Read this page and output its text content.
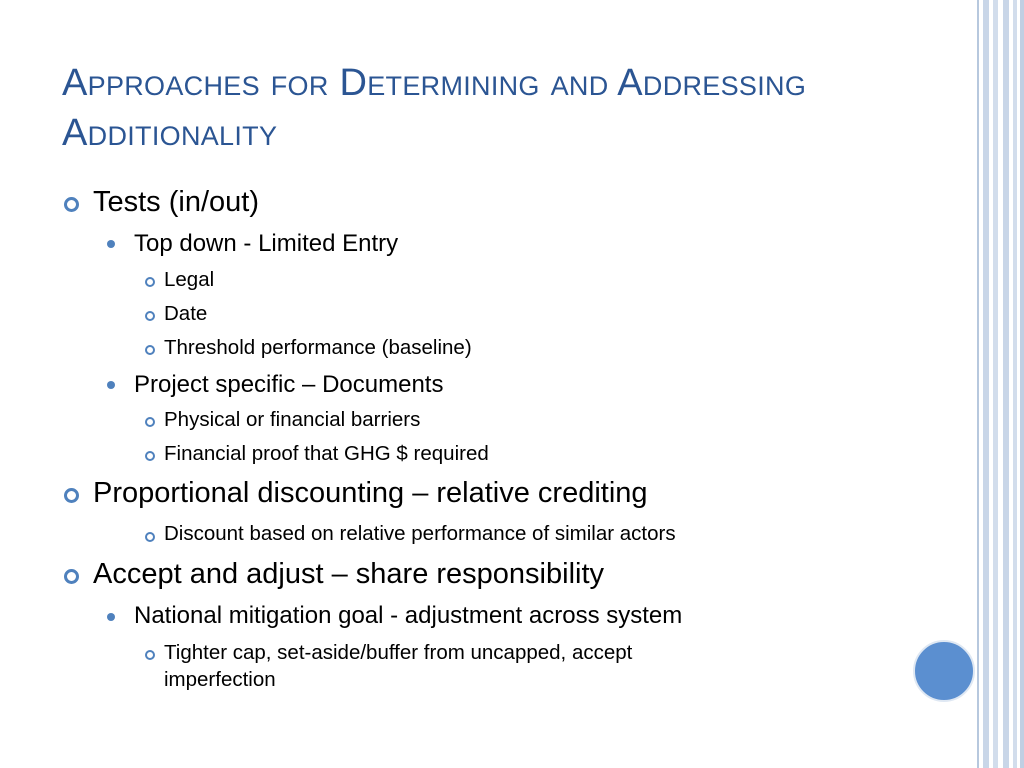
Approaches for Determining and Addressing
Additionality
Tests (in/out)
Top down - Limited Entry
Legal
Date
Threshold performance (baseline)
Project specific – Documents
Physical or financial barriers
Financial proof that GHG $ required
Proportional discounting – relative crediting
Discount based on relative performance of similar actors
Accept and adjust – share responsibility
National mitigation goal - adjustment across system
Tighter cap, set-aside/buffer from uncapped, accept
imperfection
